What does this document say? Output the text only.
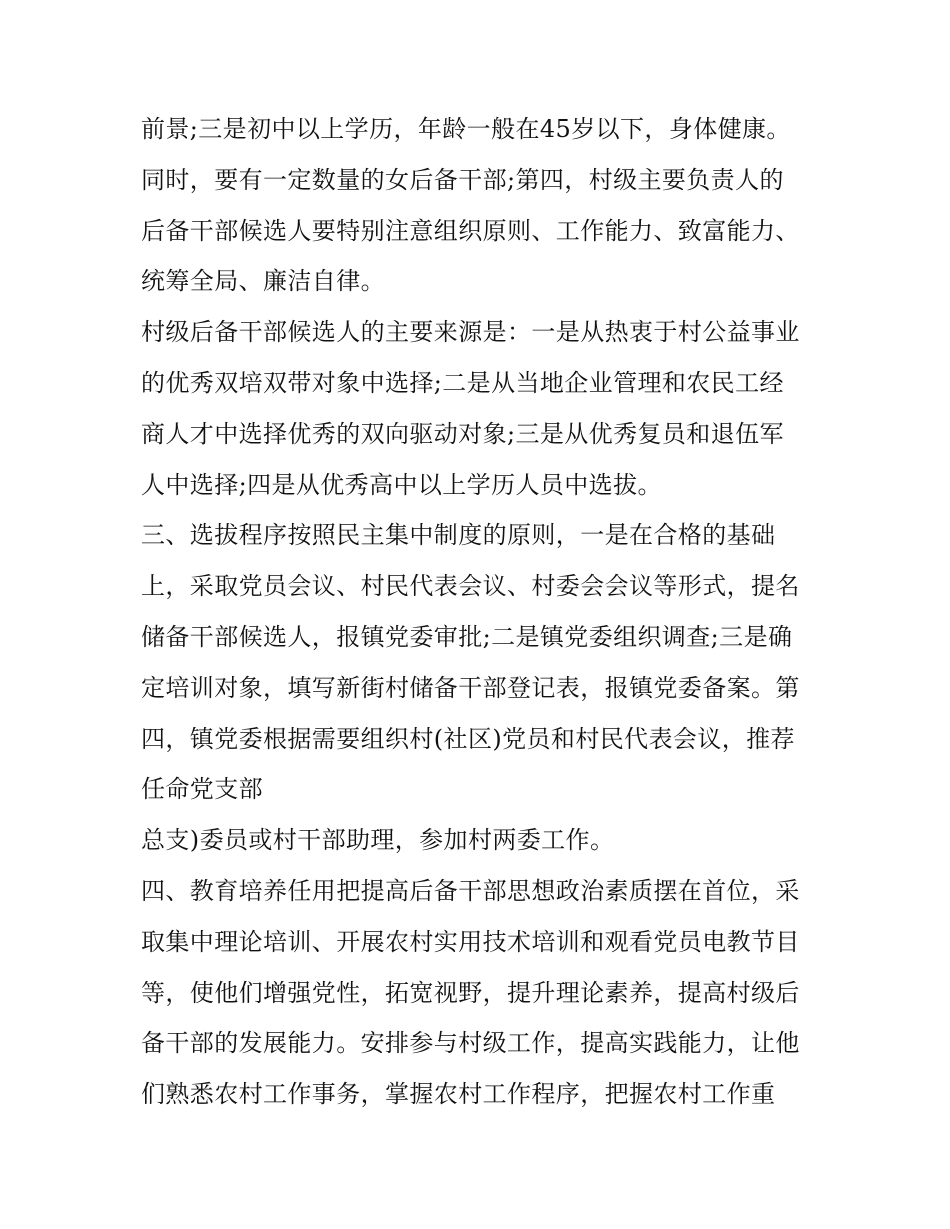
前景;三是初中以上学历，年龄一般在45岁以下，身体健康。
同时，要有一定数量的女后备干部;第四，村级主要负责人的
后备干部候选人要特别注意组织原则、工作能力、致富能力、
统筹全局、廉洁自律。
村级后备干部候选人的主要来源是：一是从热衷于村公益事业
的优秀双培双带对象中选择;二是从当地企业管理和农民工经
商人才中选择优秀的双向驱动对象;三是从优秀复员和退伍军
人中选择;四是从优秀高中以上学历人员中选拔。
三、选拔程序按照民主集中制度的原则，一是在合格的基础
上，采取党员会议、村民代表会议、村委会会议等形式，提名
储备干部候选人，报镇党委审批;二是镇党委组织调查;三是确
定培训对象，填写新街村储备干部登记表，报镇党委备案。第
四，镇党委根据需要组织村(社区)党员和村民代表会议，推荐
任命党支部
总支)委员或村干部助理，参加村两委工作。
四、教育培养任用把提高后备干部思想政治素质摆在首位，采
取集中理论培训、开展农村实用技术培训和观看党员电教节目
等，使他们增强党性，拓宽视野，提升理论素养，提高村级后
备干部的发展能力。安排参与村级工作，提高实践能力，让他
们熟悉农村工作事务，掌握农村工作程序，把握农村工作重
